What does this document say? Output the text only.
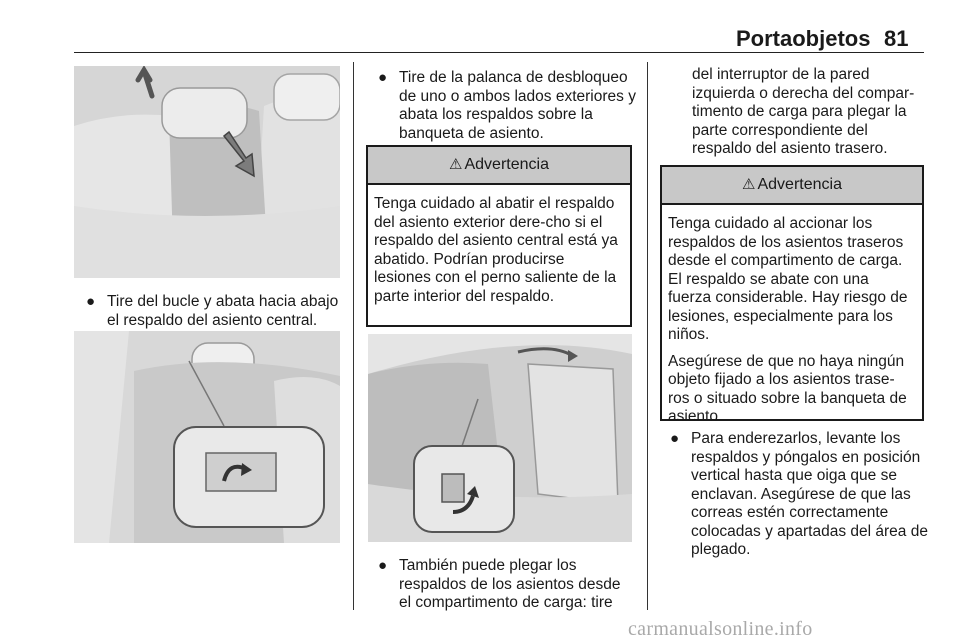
Portaobjetos 81
● Tire del bucle y abata hacia abajo el respaldo del asiento central.
● Tire de la palanca de desbloqueo de uno o ambos lados exteriores y abata los respaldos sobre la banqueta de asiento.
⚠ Advertencia

Tenga cuidado al abatir el respaldo del asiento exterior dere-cho si el respaldo del asiento central está ya abatido. Podrían producirse lesiones con el perno saliente de la parte interior del respaldo.

● También puede plegar los respaldos de los asientos desde el compartimento de carga: tire
del interruptor de la pared izquierda o derecha del compar-timento de carga para plegar la parte correspondiente del respaldo del asiento trasero.
⚠ Advertencia

Tenga cuidado al accionar los respaldos de los asientos traseros desde el compartimento de carga. El respaldo se abate con una fuerza considerable. Hay riesgo de lesiones, especialmente para los niños.

Asegúrese de que no haya ningún objeto fijado a los asientos trase-ros o situado sobre la banqueta de asiento.

● Para enderezarlos, levante los respaldos y póngalos en posición vertical hasta que oiga que se enclavan. Asegúrese de que las correas estén correctamente colocadas y apartadas del área de plegado.
carmanualsonline.info
